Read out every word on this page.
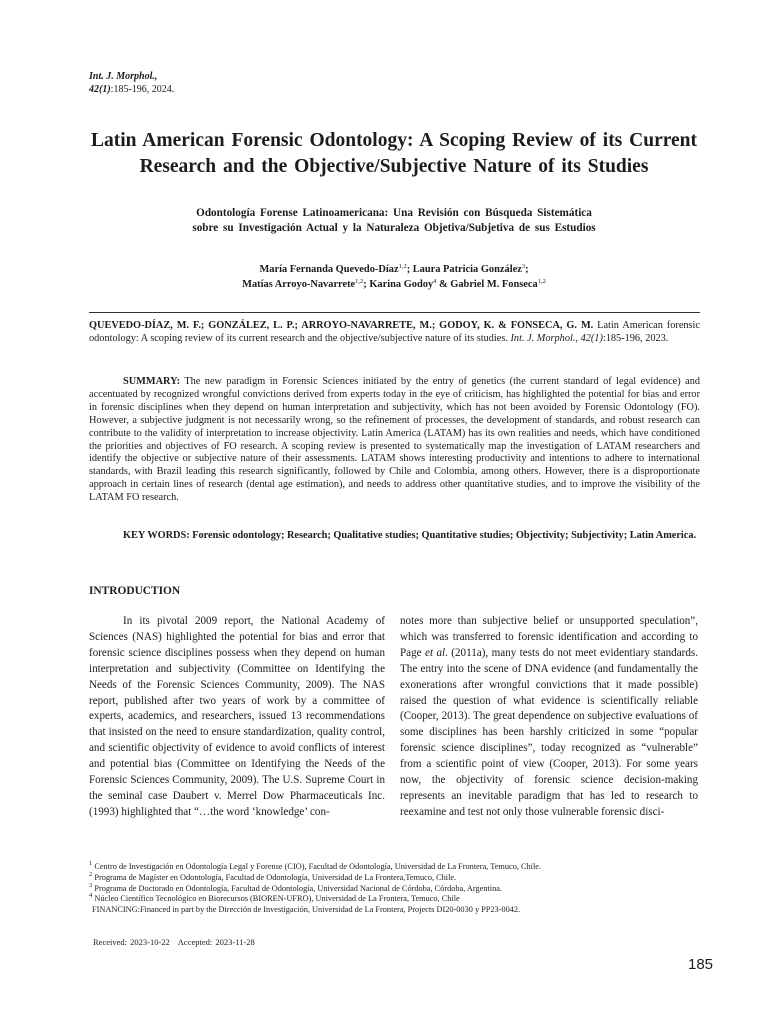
Int. J. Morphol.,
42(1):185-196, 2024.
Latin American Forensic Odontology: A Scoping Review of its Current
Research and the Objective/Subjective Nature of its Studies
Odontología Forense Latinoamericana: Una Revisión con Búsqueda Sistemática
sobre su Investigación Actual y la Naturaleza Objetiva/Subjetiva de sus Estudios
María Fernanda Quevedo-Díaz$^{1,2}$; Laura Patricia González$^3$;
Matías Arroyo-Navarrete$^{1,2}$; Karina Godoy$^4$ & Gabriel M. Fonseca$^{1,2}$
QUEVEDO-DÍAZ, M. F.; GONZÁLEZ, L. P.; ARROYO-NAVARRETE, M.; GODOY, K. & FONSECA, G. M. Latin American forensic odontology: A scoping review of its current research and the objective/subjective nature of its studies. Int. J. Morphol., 42(1):185-196, 2023.
SUMMARY: The new paradigm in Forensic Sciences initiated by the entry of genetics (the current standard of legal evidence) and accentuated by recognized wrongful convictions derived from experts today in the eye of criticism, has highlighted the potential for bias and error in forensic disciplines when they depend on human interpretation and subjectivity, which has not been avoided by Forensic Odontology (FO). However, a subjective judgment is not necessarily wrong, so the refinement of processes, the development of standards, and robust research can contribute to the validity of interpretation to increase objectivity. Latin America (LATAM) has its own realities and needs, which have conditioned the priorities and objectives of FO research. A scoping review is presented to systematically map the investigation of LATAM researchers and identify the objective or subjective nature of their assessments. LATAM shows interesting productivity and intentions to adhere to international standards, with Brazil leading this research significantly, followed by Chile and Colombia, among others. However, there is a disproportionate approach in certain lines of research (dental age estimation), and needs to address other quantitative studies, and to improve the visibility of the LATAM FO research.
KEY WORDS: Forensic odontology; Research; Qualitative studies; Quantitative studies; Objectivity; Subjectivity; Latin America.
INTRODUCTION
In its pivotal 2009 report, the National Academy of Sciences (NAS) highlighted the potential for bias and error that forensic science disciplines possess when they depend on human interpretation and subjectivity (Committee on Identifying the Needs of the Forensic Sciences Community, 2009). The NAS report, published after two years of work by a committee of experts, academics, and researchers, issued 13 recommendations that insisted on the need to ensure standardization, quality control, and scientific objectivity of evidence to avoid conflicts of interest and potential bias (Committee on Identifying the Needs of the Forensic Sciences Community, 2009). The U.S. Supreme Court in the seminal case Daubert v. Merrel Dow Pharmaceuticals Inc. (1993) highlighted that “…the word ‘knowledge’ con-
notes more than subjective belief or unsupported speculation”, which was transferred to forensic identification and according to Page et al. (2011a), many tests do not meet evidentiary standards. The entry into the scene of DNA evidence (and fundamentally the exonerations after wrongful convictions that it made possible) raised the question of what evidence is scientifically reliable (Cooper, 2013). The great dependence on subjective evaluations of some disciplines has been harshly criticized in some “popular forensic science disciplines”, today recognized as “vulnerable” from a scientific point of view (Cooper, 2013). For some years now, the objectivity of forensic science decision-making represents an inevitable paradigm that has led to research to reexamine and test not only those vulnerable forensic disci-
$^1$ Centro de Investigación en Odontología Legal y Forense (CIO), Facultad de Odontología, Universidad de La Frontera, Temuco, Chile.
$^2$ Programa de Magíster en Odontología, Facultad de Odontología, Universidad de La Frontera,Temuco, Chile.
$^3$ Programa de Doctorado en Odontología, Facultad de Odontología, Universidad Nacional de Córdoba, Córdoba, Argentina.
$^4$ Núcleo Científico Tecnológico en Biorecursos (BIOREN-UFRO), Universidad de La Frontera, Temuco, Chile
FINANCING:Financed in part by the Dirección de Investigación, Universidad de La Frontera, Projects DI20-0030 y PP23-0042.
Received: 2023-10-22 Accepted: 2023-11-28
185
